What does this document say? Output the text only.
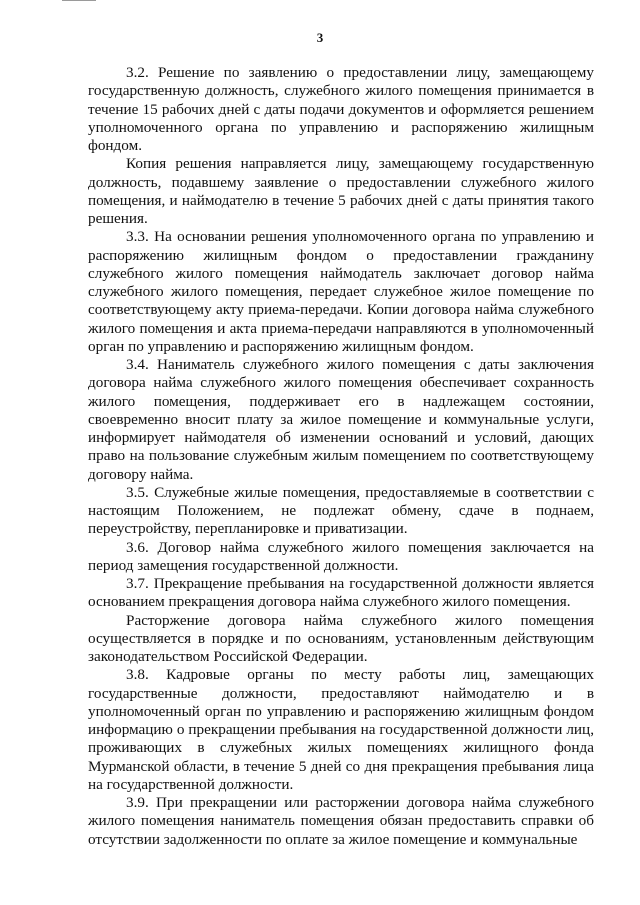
3

3.2. Решение по заявлению о предоставлении лицу, замещающему государственную должность, служебного жилого помещения принимается в течение 15 рабочих дней с даты подачи документов и оформляется решением уполномоченного органа по управлению и распоряжению жилищным фондом.

Копия решения направляется лицу, замещающему государственную должность, подавшему заявление о предоставлении служебного жилого помещения, и наймодателю в течение 5 рабочих дней с даты принятия такого решения.

3.3. На основании решения уполномоченного органа по управлению и распоряжению жилищным фондом о предоставлении гражданину служебного жилого помещения наймодатель заключает договор найма служебного жилого помещения, передает служебное жилое помещение по соответствующему акту приема-передачи. Копии договора найма служебного жилого помещения и акта приема-передачи направляются в уполномоченный орган по управлению и распоряжению жилищным фондом.

3.4. Наниматель служебного жилого помещения с даты заключения договора найма служебного жилого помещения обеспечивает сохранность жилого помещения, поддерживает его в надлежащем состоянии, своевременно вносит плату за жилое помещение и коммунальные услуги, информирует наймодателя об изменении оснований и условий, дающих право на пользование служебным жилым помещением по соответствующему договору найма.

3.5. Служебные жилые помещения, предоставляемые в соответствии с настоящим Положением, не подлежат обмену, сдаче в поднаем, переустройству, перепланировке и приватизации.

3.6. Договор найма служебного жилого помещения заключается на период замещения государственной должности.

3.7. Прекращение пребывания на государственной должности является основанием прекращения договора найма служебного жилого помещения.

Расторжение договора найма служебного жилого помещения осуществляется в порядке и по основаниям, установленным действующим законодательством Российской Федерации.

3.8. Кадровые органы по месту работы лиц, замещающих государственные должности, предоставляют наймодателю и в уполномоченный орган по управлению и распоряжению жилищным фондом информацию о прекращении пребывания на государственной должности лиц, проживающих в служебных жилых помещениях жилищного фонда Мурманской области, в течение 5 дней со дня прекращения пребывания лица на государственной должности.

3.9. При прекращении или расторжении договора найма служебного жилого помещения наниматель помещения обязан предоставить справки об отсутствии задолженности по оплате за жилое помещение и коммунальные
